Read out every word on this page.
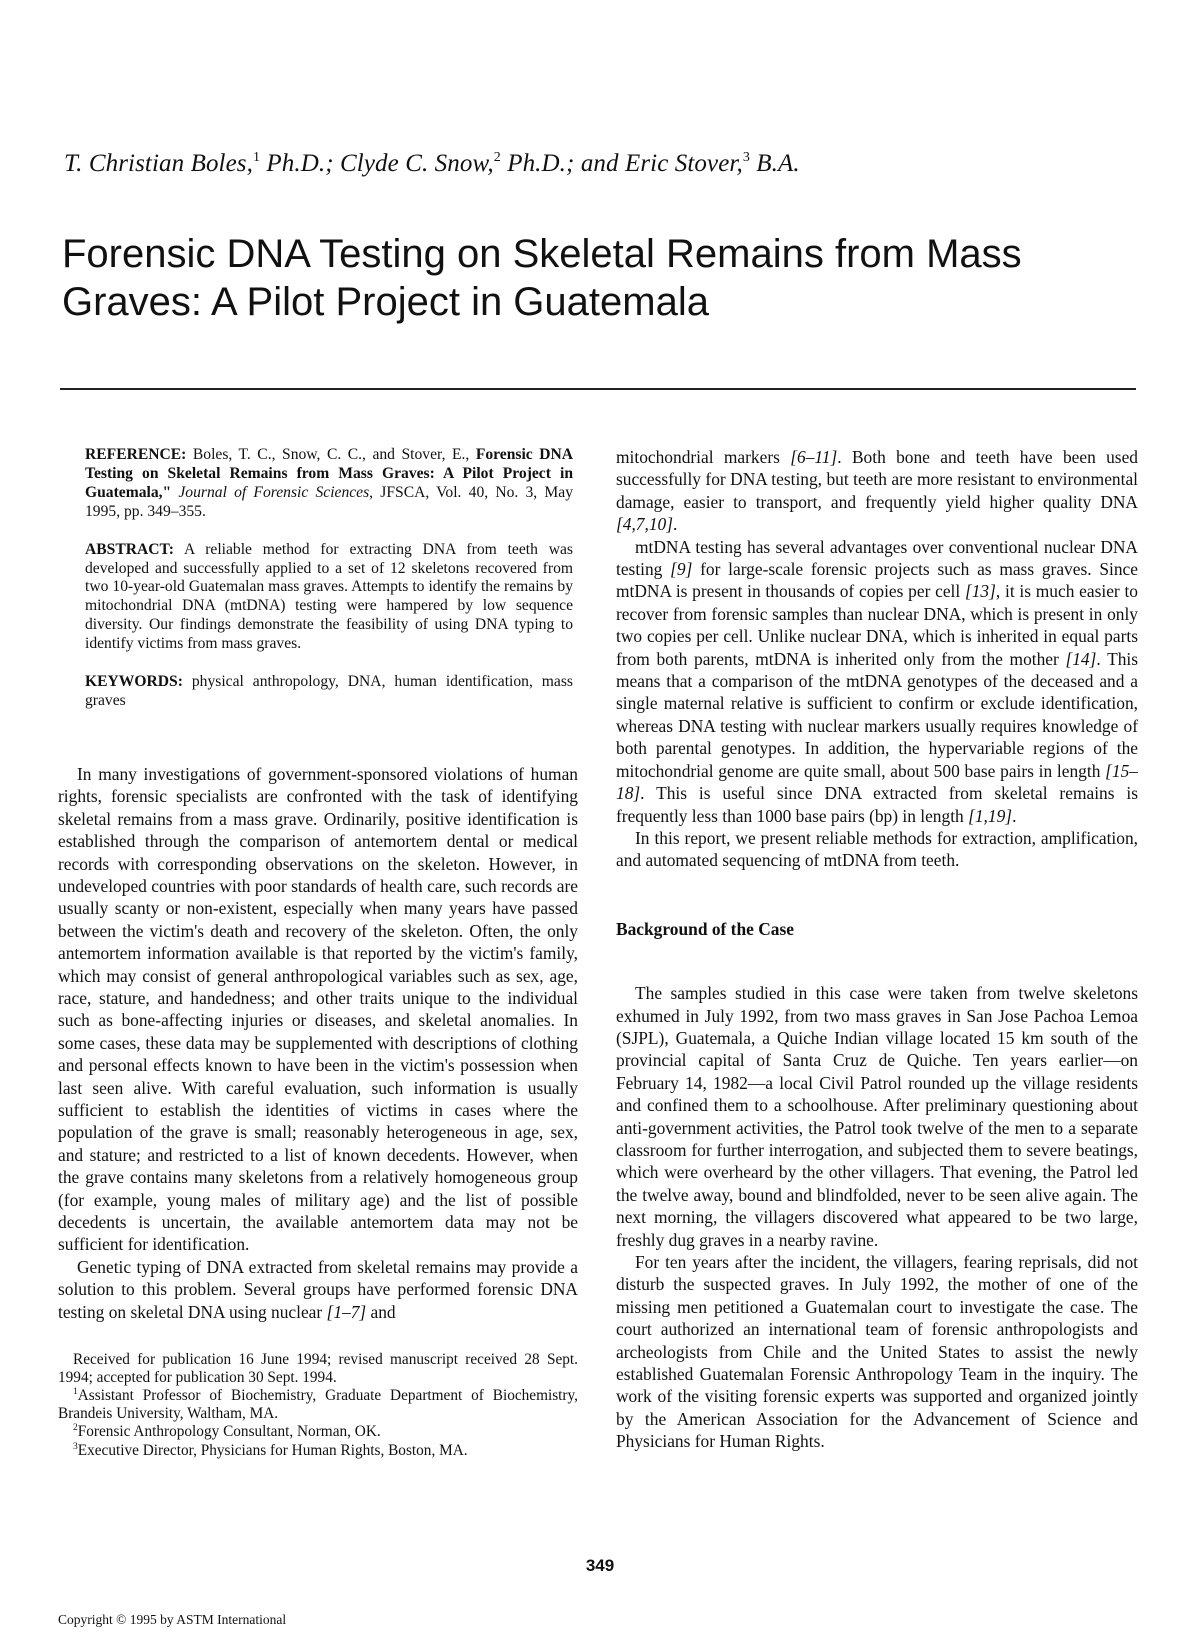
T. Christian Boles,$^1$ Ph.D.; Clyde C. Snow,$^2$ Ph.D.; and Eric Stover,$^3$ B.A.
Forensic DNA Testing on Skeletal Remains from Mass Graves: A Pilot Project in Guatemala

REFERENCE: Boles, T. C., Snow, C. C., and Stover, E., Forensic DNA Testing on Skeletal Remains from Mass Graves: A Pilot Project in Guatemala," Journal of Forensic Sciences, JFSCA, Vol. 40, No. 3, May 1995, pp. 349–355.

ABSTRACT: A reliable method for extracting DNA from teeth was developed and successfully applied to a set of 12 skeletons recovered from two 10-year-old Guatemalan mass graves. Attempts to identify the remains by mitochondrial DNA (mtDNA) testing were hampered by low sequence diversity. Our findings demonstrate the feasibility of using DNA typing to identify victims from mass graves.

KEYWORDS: physical anthropology, DNA, human identification, mass graves

In many investigations of government-sponsored violations of human rights, forensic specialists are confronted with the task of identifying skeletal remains from a mass grave. Ordinarily, positive identification is established through the comparison of antemortem dental or medical records with corresponding observations on the skeleton. However, in undeveloped countries with poor standards of health care, such records are usually scanty or non-existent, especially when many years have passed between the victim's death and recovery of the skeleton. Often, the only antemortem information available is that reported by the victim's family, which may consist of general anthropological variables such as sex, age, race, stature, and handedness; and other traits unique to the individual such as bone-affecting injuries or diseases, and skeletal anomalies. In some cases, these data may be supplemented with descriptions of clothing and personal effects known to have been in the victim's possession when last seen alive. With careful evaluation, such information is usually sufficient to establish the identities of victims in cases where the population of the grave is small; reasonably heterogeneous in age, sex, and stature; and restricted to a list of known decedents. However, when the grave contains many skeletons from a relatively homogeneous group (for example, young males of military age) and the list of possible decedents is uncertain, the available antemortem data may not be sufficient for identification.

Genetic typing of DNA extracted from skeletal remains may provide a solution to this problem. Several groups have performed forensic DNA testing on skeletal DNA using nuclear [1–7] and

Received for publication 16 June 1994; revised manuscript received 28 Sept. 1994; accepted for publication 30 Sept. 1994.

$^1$Assistant Professor of Biochemistry, Graduate Department of Biochemistry, Brandeis University, Waltham, MA.

$^2$Forensic Anthropology Consultant, Norman, OK.

$^3$Executive Director, Physicians for Human Rights, Boston, MA.

mitochondrial markers [6–11]. Both bone and teeth have been used successfully for DNA testing, but teeth are more resistant to environmental damage, easier to transport, and frequently yield higher quality DNA [4,7,10].

mtDNA testing has several advantages over conventional nuclear DNA testing [9] for large-scale forensic projects such as mass graves. Since mtDNA is present in thousands of copies per cell [13], it is much easier to recover from forensic samples than nuclear DNA, which is present in only two copies per cell. Unlike nuclear DNA, which is inherited in equal parts from both parents, mtDNA is inherited only from the mother [14]. This means that a comparison of the mtDNA genotypes of the deceased and a single maternal relative is sufficient to confirm or exclude identification, whereas DNA testing with nuclear markers usually requires knowledge of both parental genotypes. In addition, the hypervariable regions of the mitochondrial genome are quite small, about 500 base pairs in length [15–18]. This is useful since DNA extracted from skeletal remains is frequently less than 1000 base pairs (bp) in length [1,19].

In this report, we present reliable methods for extraction, amplification, and automated sequencing of mtDNA from teeth.

Background of the Case

The samples studied in this case were taken from twelve skeletons exhumed in July 1992, from two mass graves in San Jose Pachoa Lemoa (SJPL), Guatemala, a Quiche Indian village located 15 km south of the provincial capital of Santa Cruz de Quiche. Ten years earlier—on February 14, 1982—a local Civil Patrol rounded up the village residents and confined them to a schoolhouse. After preliminary questioning about anti-government activities, the Patrol took twelve of the men to a separate classroom for further interrogation, and subjected them to severe beatings, which were overheard by the other villagers. That evening, the Patrol led the twelve away, bound and blindfolded, never to be seen alive again. The next morning, the villagers discovered what appeared to be two large, freshly dug graves in a nearby ravine.

For ten years after the incident, the villagers, fearing reprisals, did not disturb the suspected graves. In July 1992, the mother of one of the missing men petitioned a Guatemalan court to investigate the case. The court authorized an international team of forensic anthropologists and archeologists from Chile and the United States to assist the newly established Guatemalan Forensic Anthropology Team in the inquiry. The work of the visiting forensic experts was supported and organized jointly by the American Association for the Advancement of Science and Physicians for Human Rights.

349
Copyright © 1995 by ASTM International
